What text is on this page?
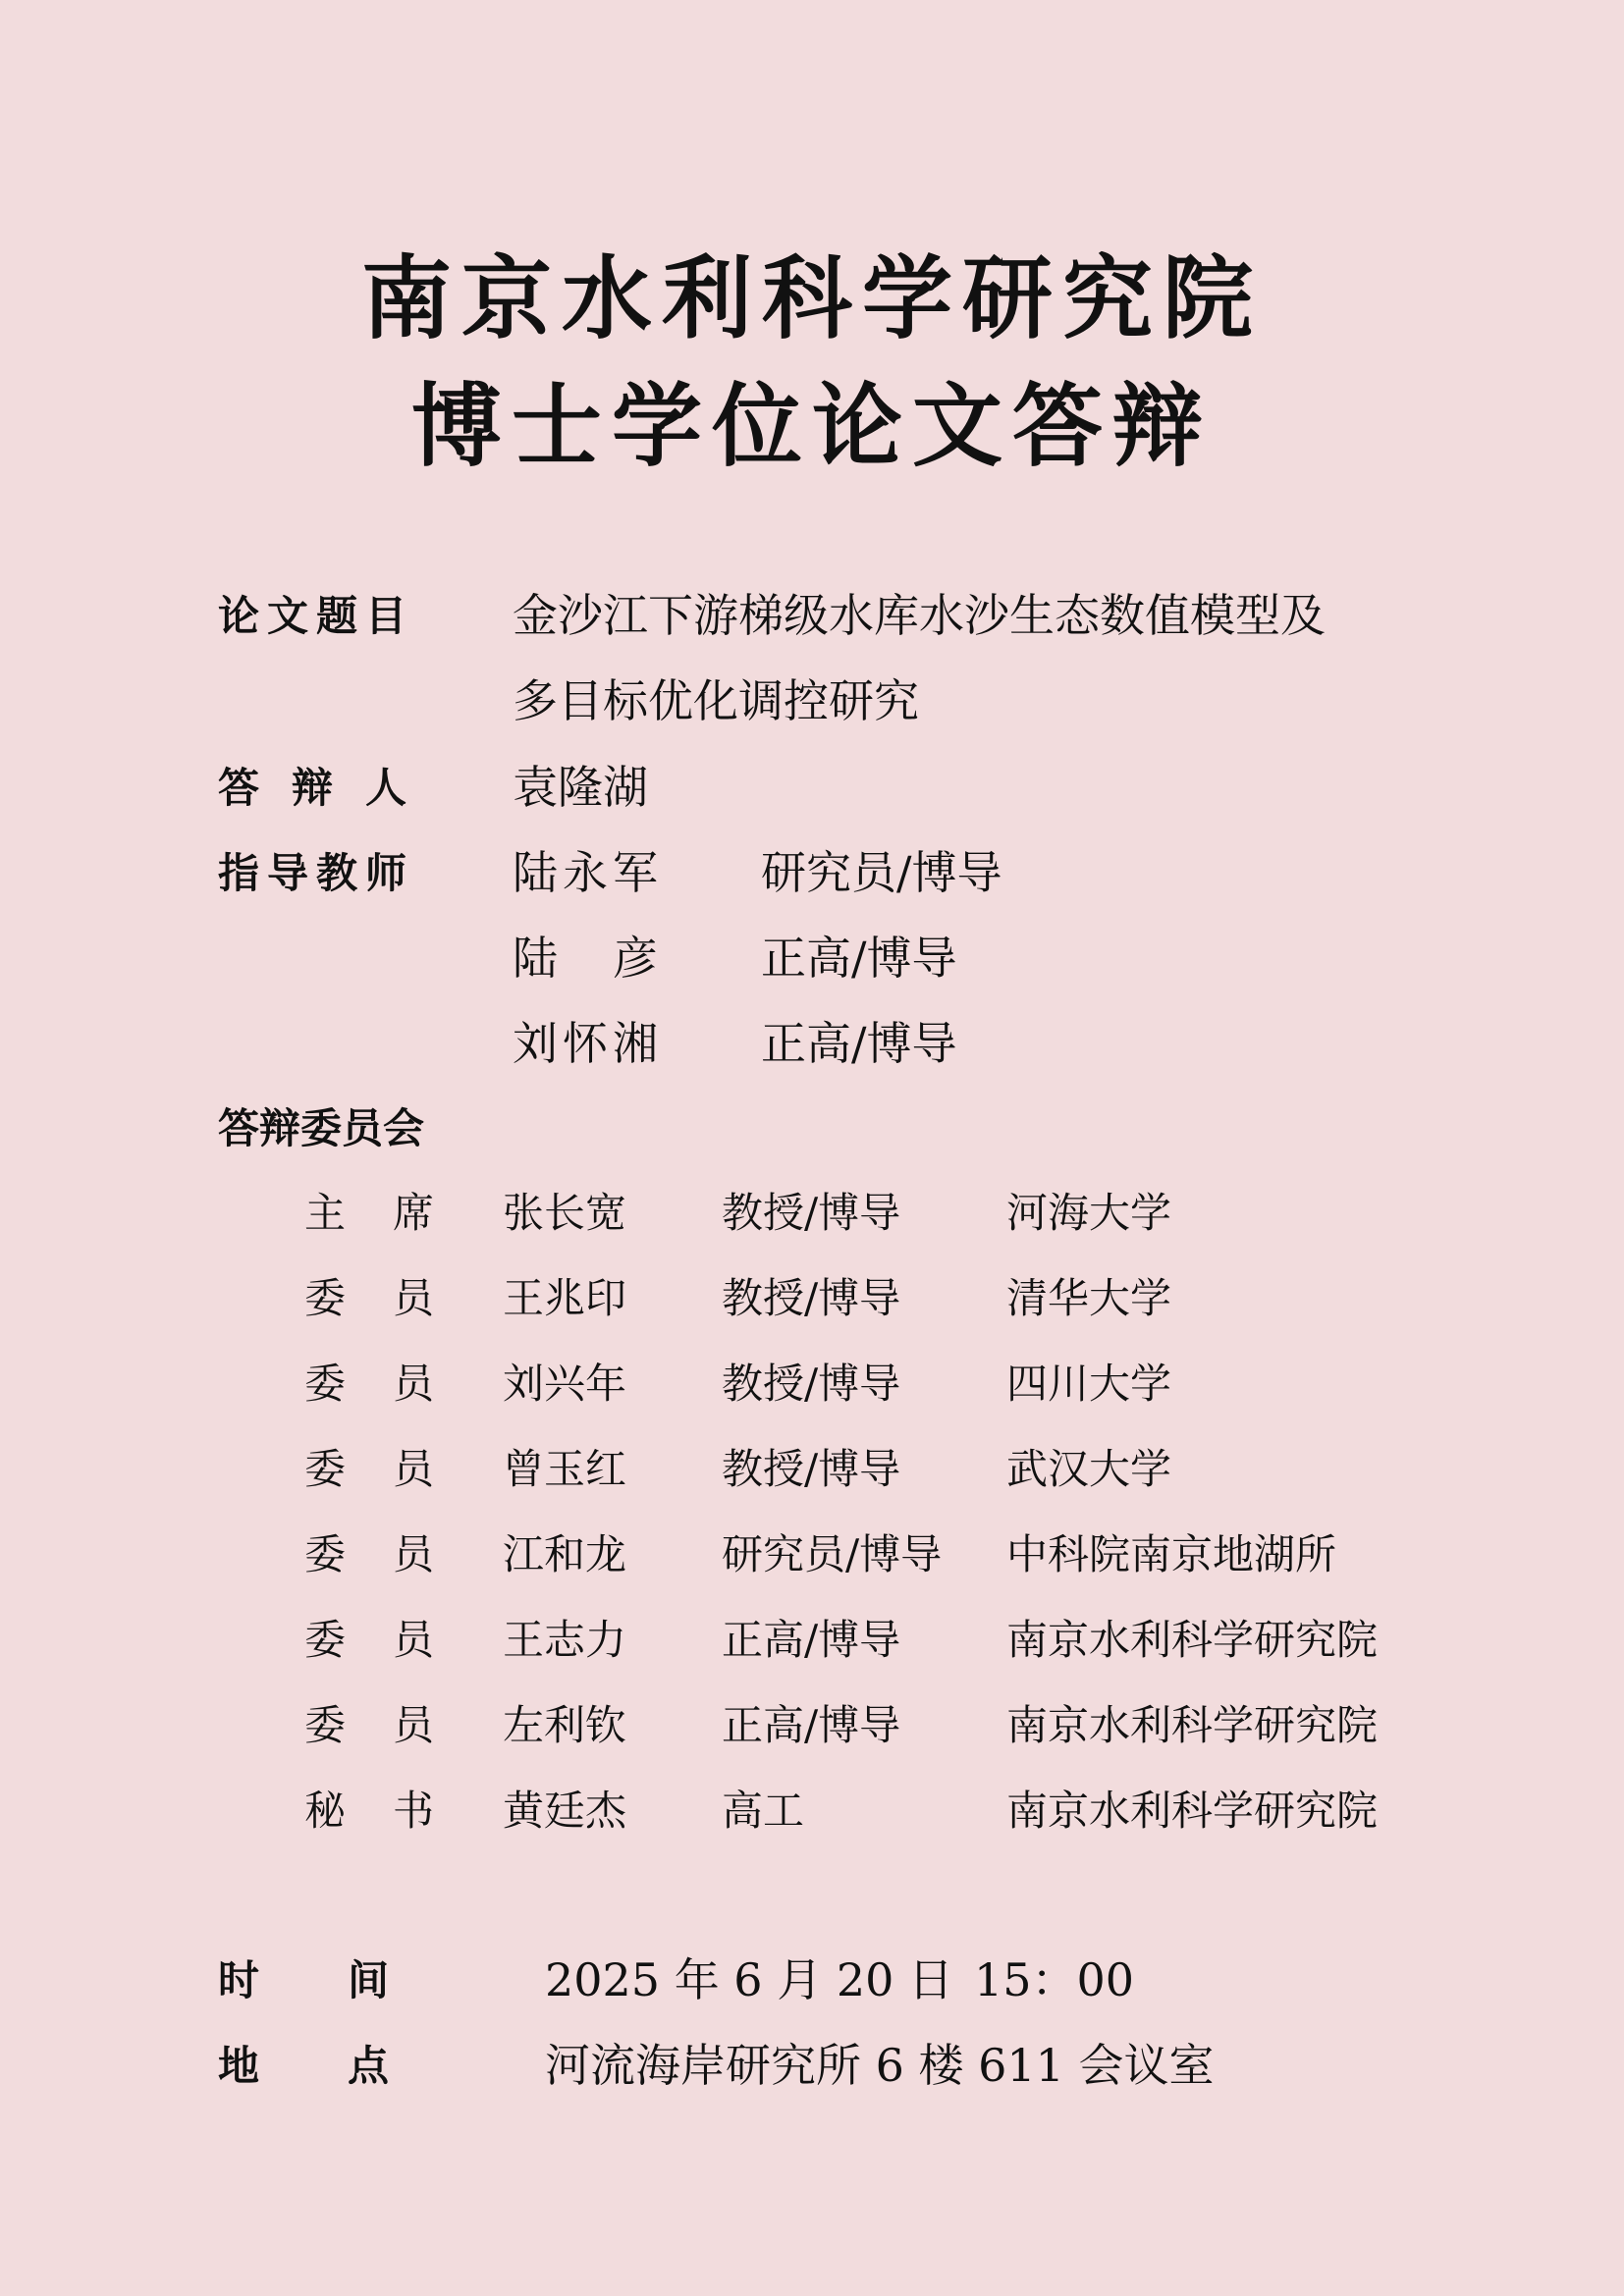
南京水利科学研究院
博士学位论文答辩
论 文 题 目 金沙江下游梯级水库水沙生态数值模型及
多目标优化调控研究
答 辩 人 袁隆湖
指 导 教 师 陆 永 军 研究员/博导
陆 彦 正高/博导
刘 怀 湘 正高/博导
答辩委员会
主 席 张长宽 教授/博导	河海大学
委 员 王兆印 教授/博导	清华大学
委 员 刘兴年 教授/博导	四川大学
委 员 曾玉红 教授/博导	武汉大学
委 员 江和龙 研究员/博导 中科院南京地湖所
委 员 王志力 正高/博导	南京水利科学研究院
委 员 左利钦 正高/博导	南京水利科学研究院
秘 书 黄廷杰 高工	南京水利科学研究院
时 间	2025 年 6 月 20 日 15：00
地 点	河流海岸研究所 6 楼 611 会议室
